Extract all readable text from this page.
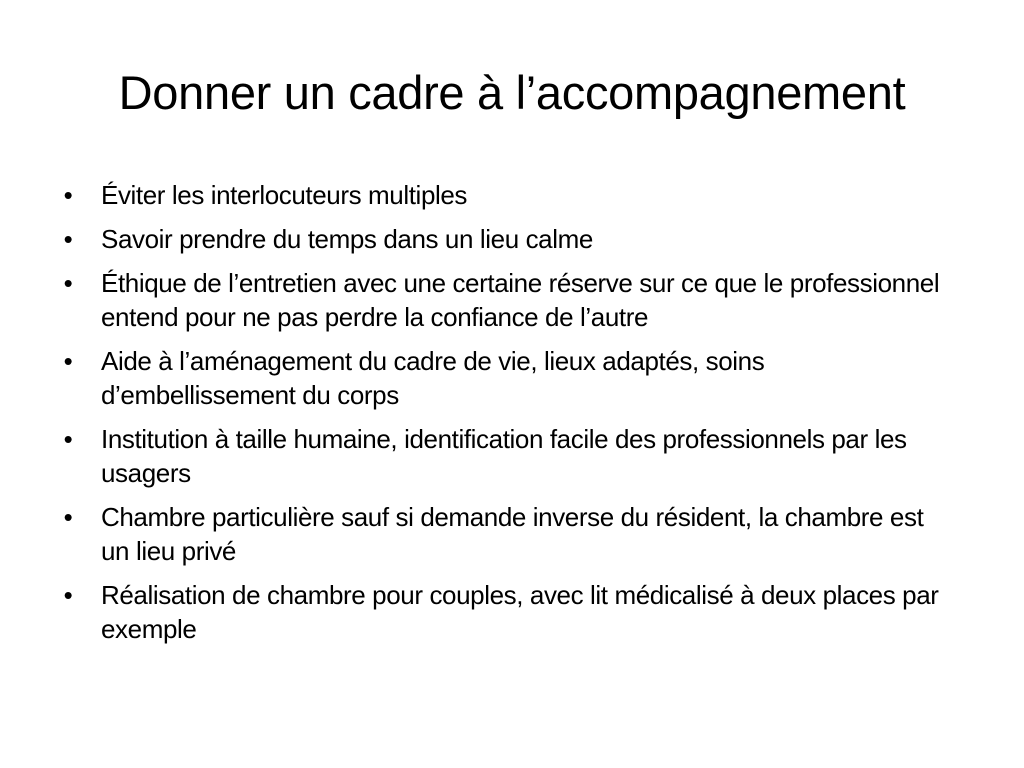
Donner un cadre à l’accompagnement
• Éviter les interlocuteurs multiples
• Savoir prendre du temps dans un lieu calme
• Éthique de l’entretien avec une certaine réserve sur ce que le professionnel entend pour ne pas perdre la confiance de l’autre
• Aide à l’aménagement du cadre de vie, lieux adaptés, soins d’embellissement du corps
• Institution à taille humaine, identification facile des professionnels par les usagers
• Chambre particulière sauf si demande inverse du résident, la chambre est un lieu privé
• Réalisation de chambre pour couples, avec lit médicalisé à deux places par exemple
